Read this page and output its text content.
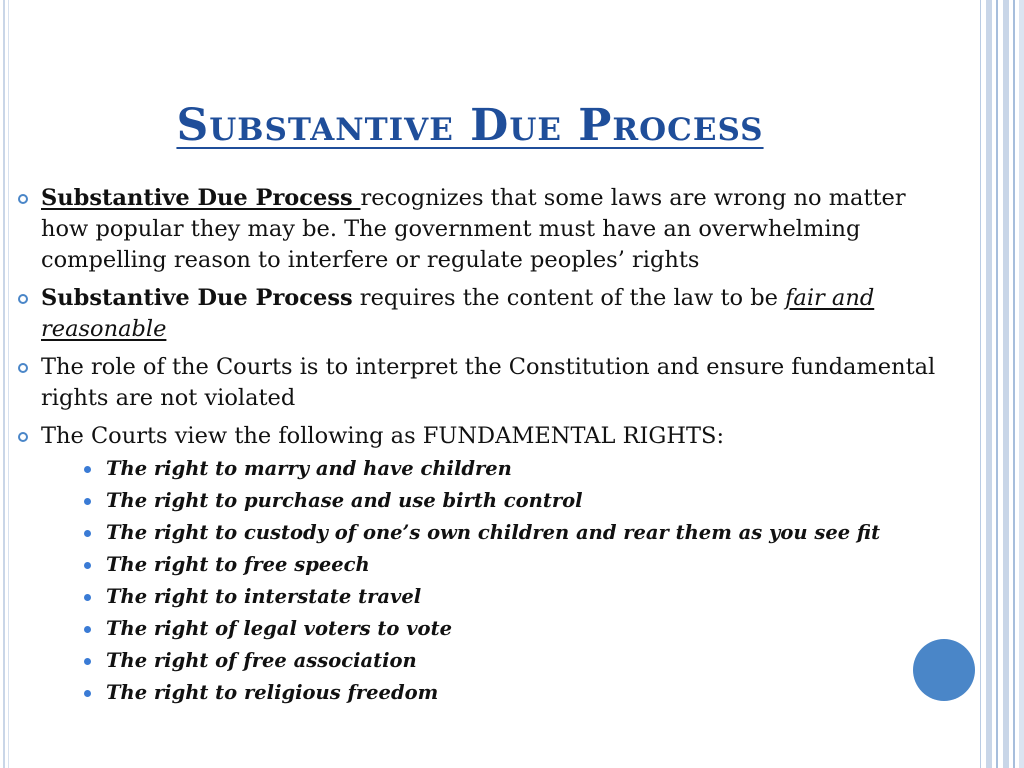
Substantive Due Process
Substantive Due Process recognizes that some laws are wrong no matter how popular they may be. The government must have an overwhelming compelling reason to interfere or regulate peoples’ rights
Substantive Due Process requires the content of the law to be fair and reasonable
The role of the Courts is to interpret the Constitution and ensure fundamental rights are not violated
The Courts view the following as FUNDAMENTAL RIGHTS:
The right to marry and have children
The right to purchase and use birth control
The right to custody of one’s own children and rear them as you see fit
The right to free speech
The right to interstate travel
The right of legal voters to vote
The right of free association
The right to religious freedom
